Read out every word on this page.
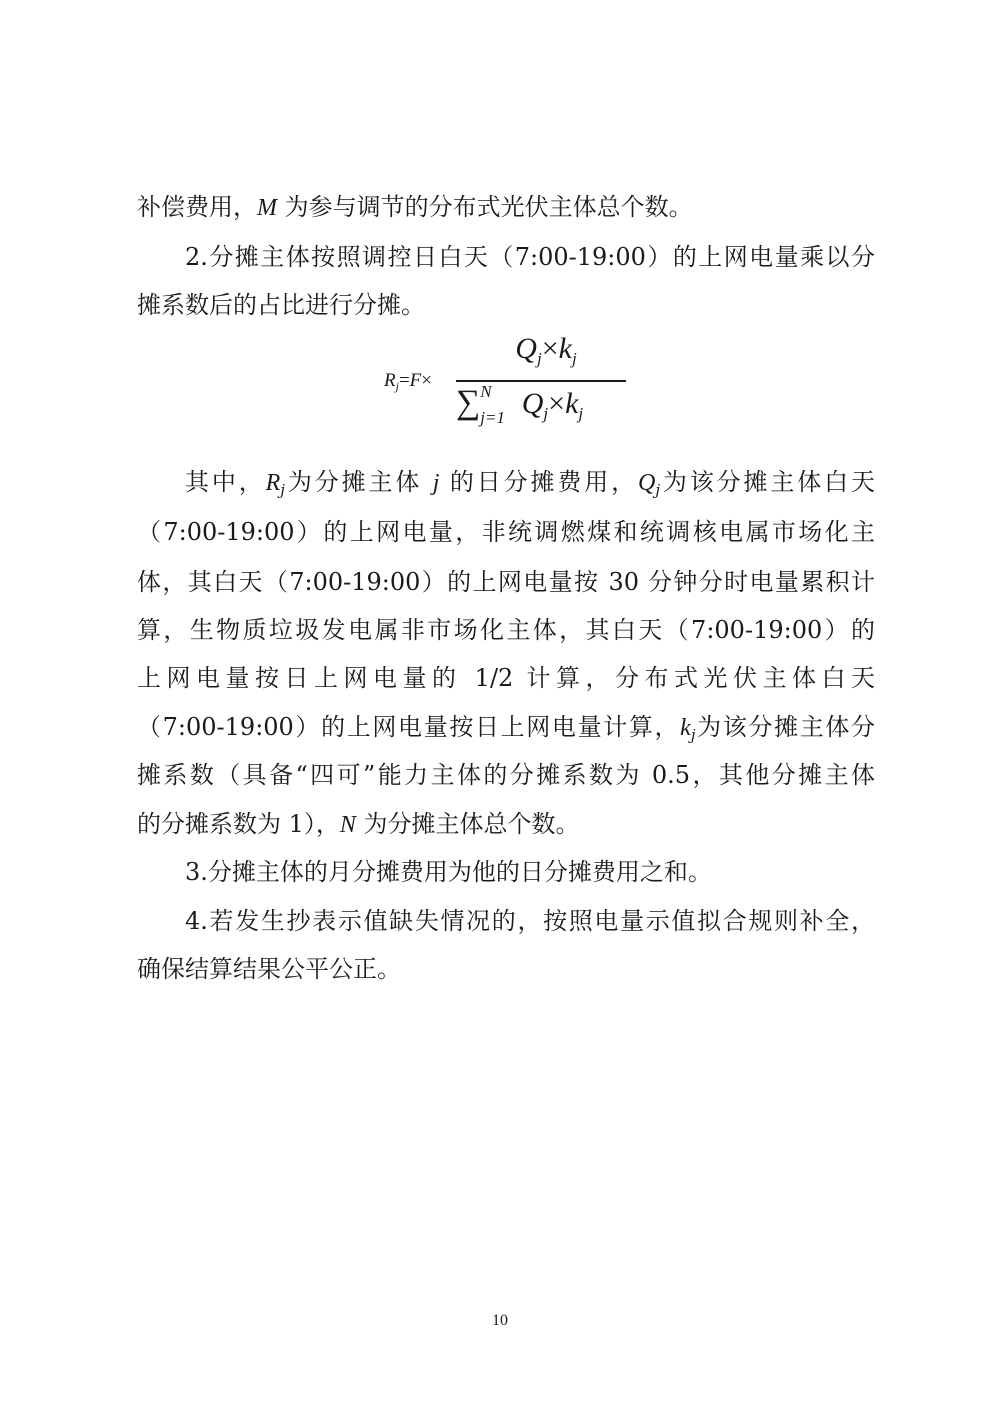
补偿费用，M 为参与调节的分布式光伏主体总个数。
2.分摊主体按照调控日白天（7:00-19:00）的上网电量乘以分
摊系数后的占比进行分摊。
$R_j=F\times$
$Q_j\times k_j$
∑ N
j=1 $Q_j\times k_j$
其中，$R_j$为分摊主体 j 的日分摊费用，$Q_j$为该分摊主体白天
（7:00-19:00）的上网电量，非统调燃煤和统调核电属市场化主
体，其白天（7:00-19:00）的上网电量按 30 分钟分时电量累积计
算，生物质垃圾发电属非市场化主体，其白天（7:00-19:00）的
上网电量按日上网电量的 1/2 计算，分布式光伏主体白天
（7:00-19:00）的上网电量按日上网电量计算，$k_j$为该分摊主体分
摊系数（具备“四可”能力主体的分摊系数为 0.5，其他分摊主体
的分摊系数为 1），N 为分摊主体总个数。
3.分摊主体的月分摊费用为他的日分摊费用之和。
4.若发生抄表示值缺失情况的，按照电量示值拟合规则补全，
确保结算结果公平公正。
10
